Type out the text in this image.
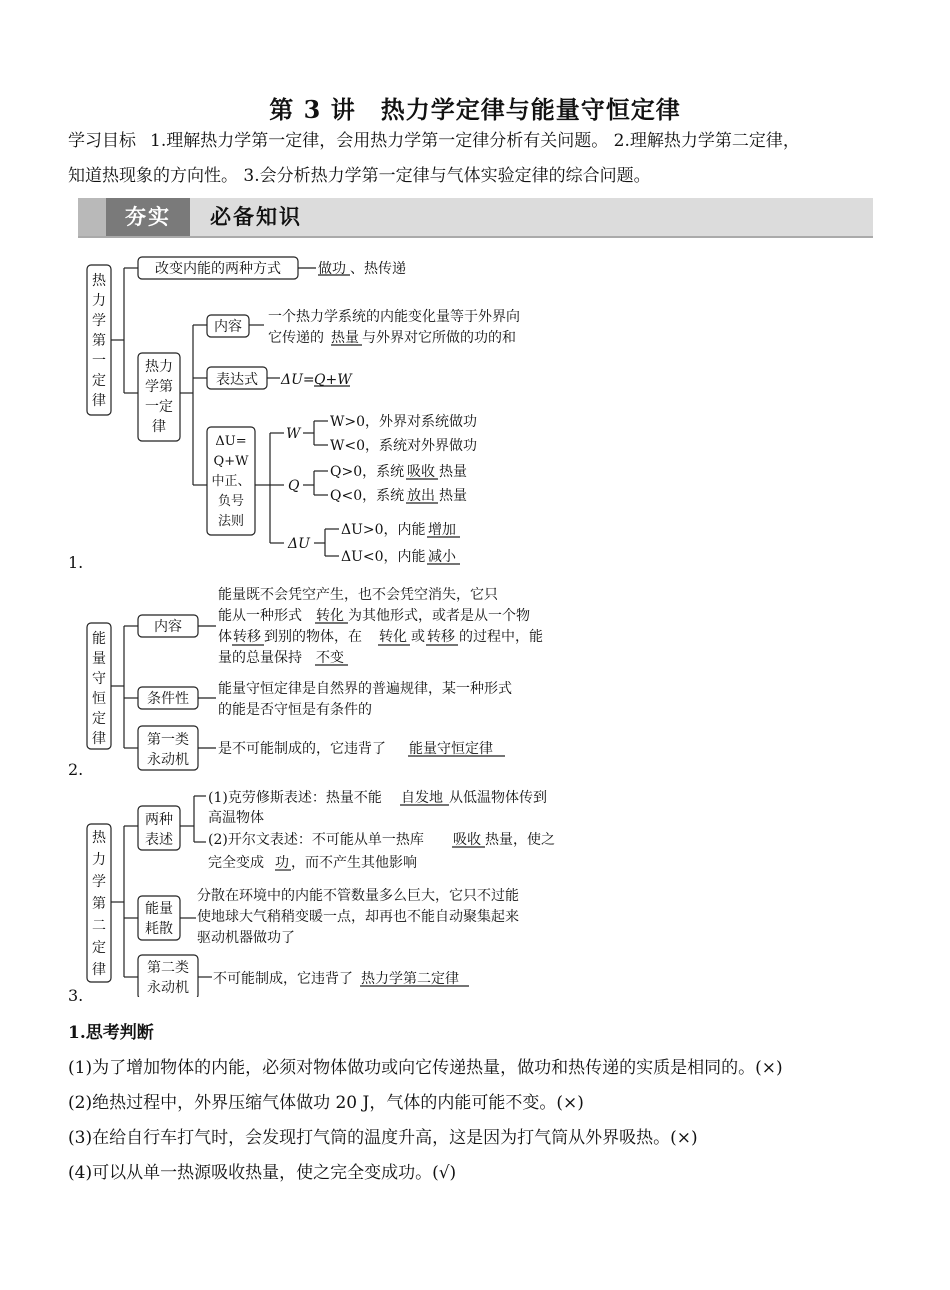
第 3 讲　热力学定律与能量守恒定律
学习目标 1.理解热力学第一定律，会用热力学第一定律分析有关问题。 2.理解热力学第二定律，
知道热现象的方向性。 3.会分析热力学第一定律与气体实验定律的综合问题。
夯实	必备知识
热
力
学
第
一
定
律
改变内能的两种方式	做功 、热传递
热力
学第
一定
律
内容
一个热力学系统的内能变化量等于外界向
它传递的 热量 与外界对它所做的功的和
表达式 ΔU= Q+W
ΔU=
Q+W
中正、
负号
法则
W
W>0，外界对系统做功
W<0，系统对外界做功
Q
Q>0，系统 吸收 热量
Q<0，系统 放出 热量
ΔU
ΔU>0，内能 增加
ΔU<0，内能 减小
1.
能
量
守
恒
定
律
内容
能量既不会凭空产生，也不会凭空消失，它只
能从一种形式 转化 为其他形式，或者是从一个物
体 转移 到别的物体，在 转化 或 转移 的过程中，能
量的总量保持 不变
条件性
能量守恒定律是自然界的普遍规律，某一种形式
的能是否守恒是有条件的
第一类
永动机
是不可能制成的，它违背了 能量守恒定律
2.
热
力
学
第
二
定
律
两种
表述
(1)克劳修斯表述：热量不能 自发地 从低温物体传到
高温物体
(2)开尔文表述：不可能从单一热库 吸收 热量，使之
完全变成 功 ，而不产生其他影响
能量
耗散
分散在环境中的内能不管数量多么巨大，它只不过能
使地球大气稍稍变暖一点，却再也不能自动聚集起来
驱动机器做功了
第二类
永动机
不可能制成，它违背了 热力学第二定律
3.
1.思考判断
(1)为了增加物体的内能，必须对物体做功或向它传递热量，做功和热传递的实质是相同的。(×)
(2)绝热过程中，外界压缩气体做功 20 J，气体的内能可能不变。(×)
(3)在给自行车打气时，会发现打气筒的温度升高，这是因为打气筒从外界吸热。(×)
(4)可以从单一热源吸收热量，使之完全变成功。(√)
